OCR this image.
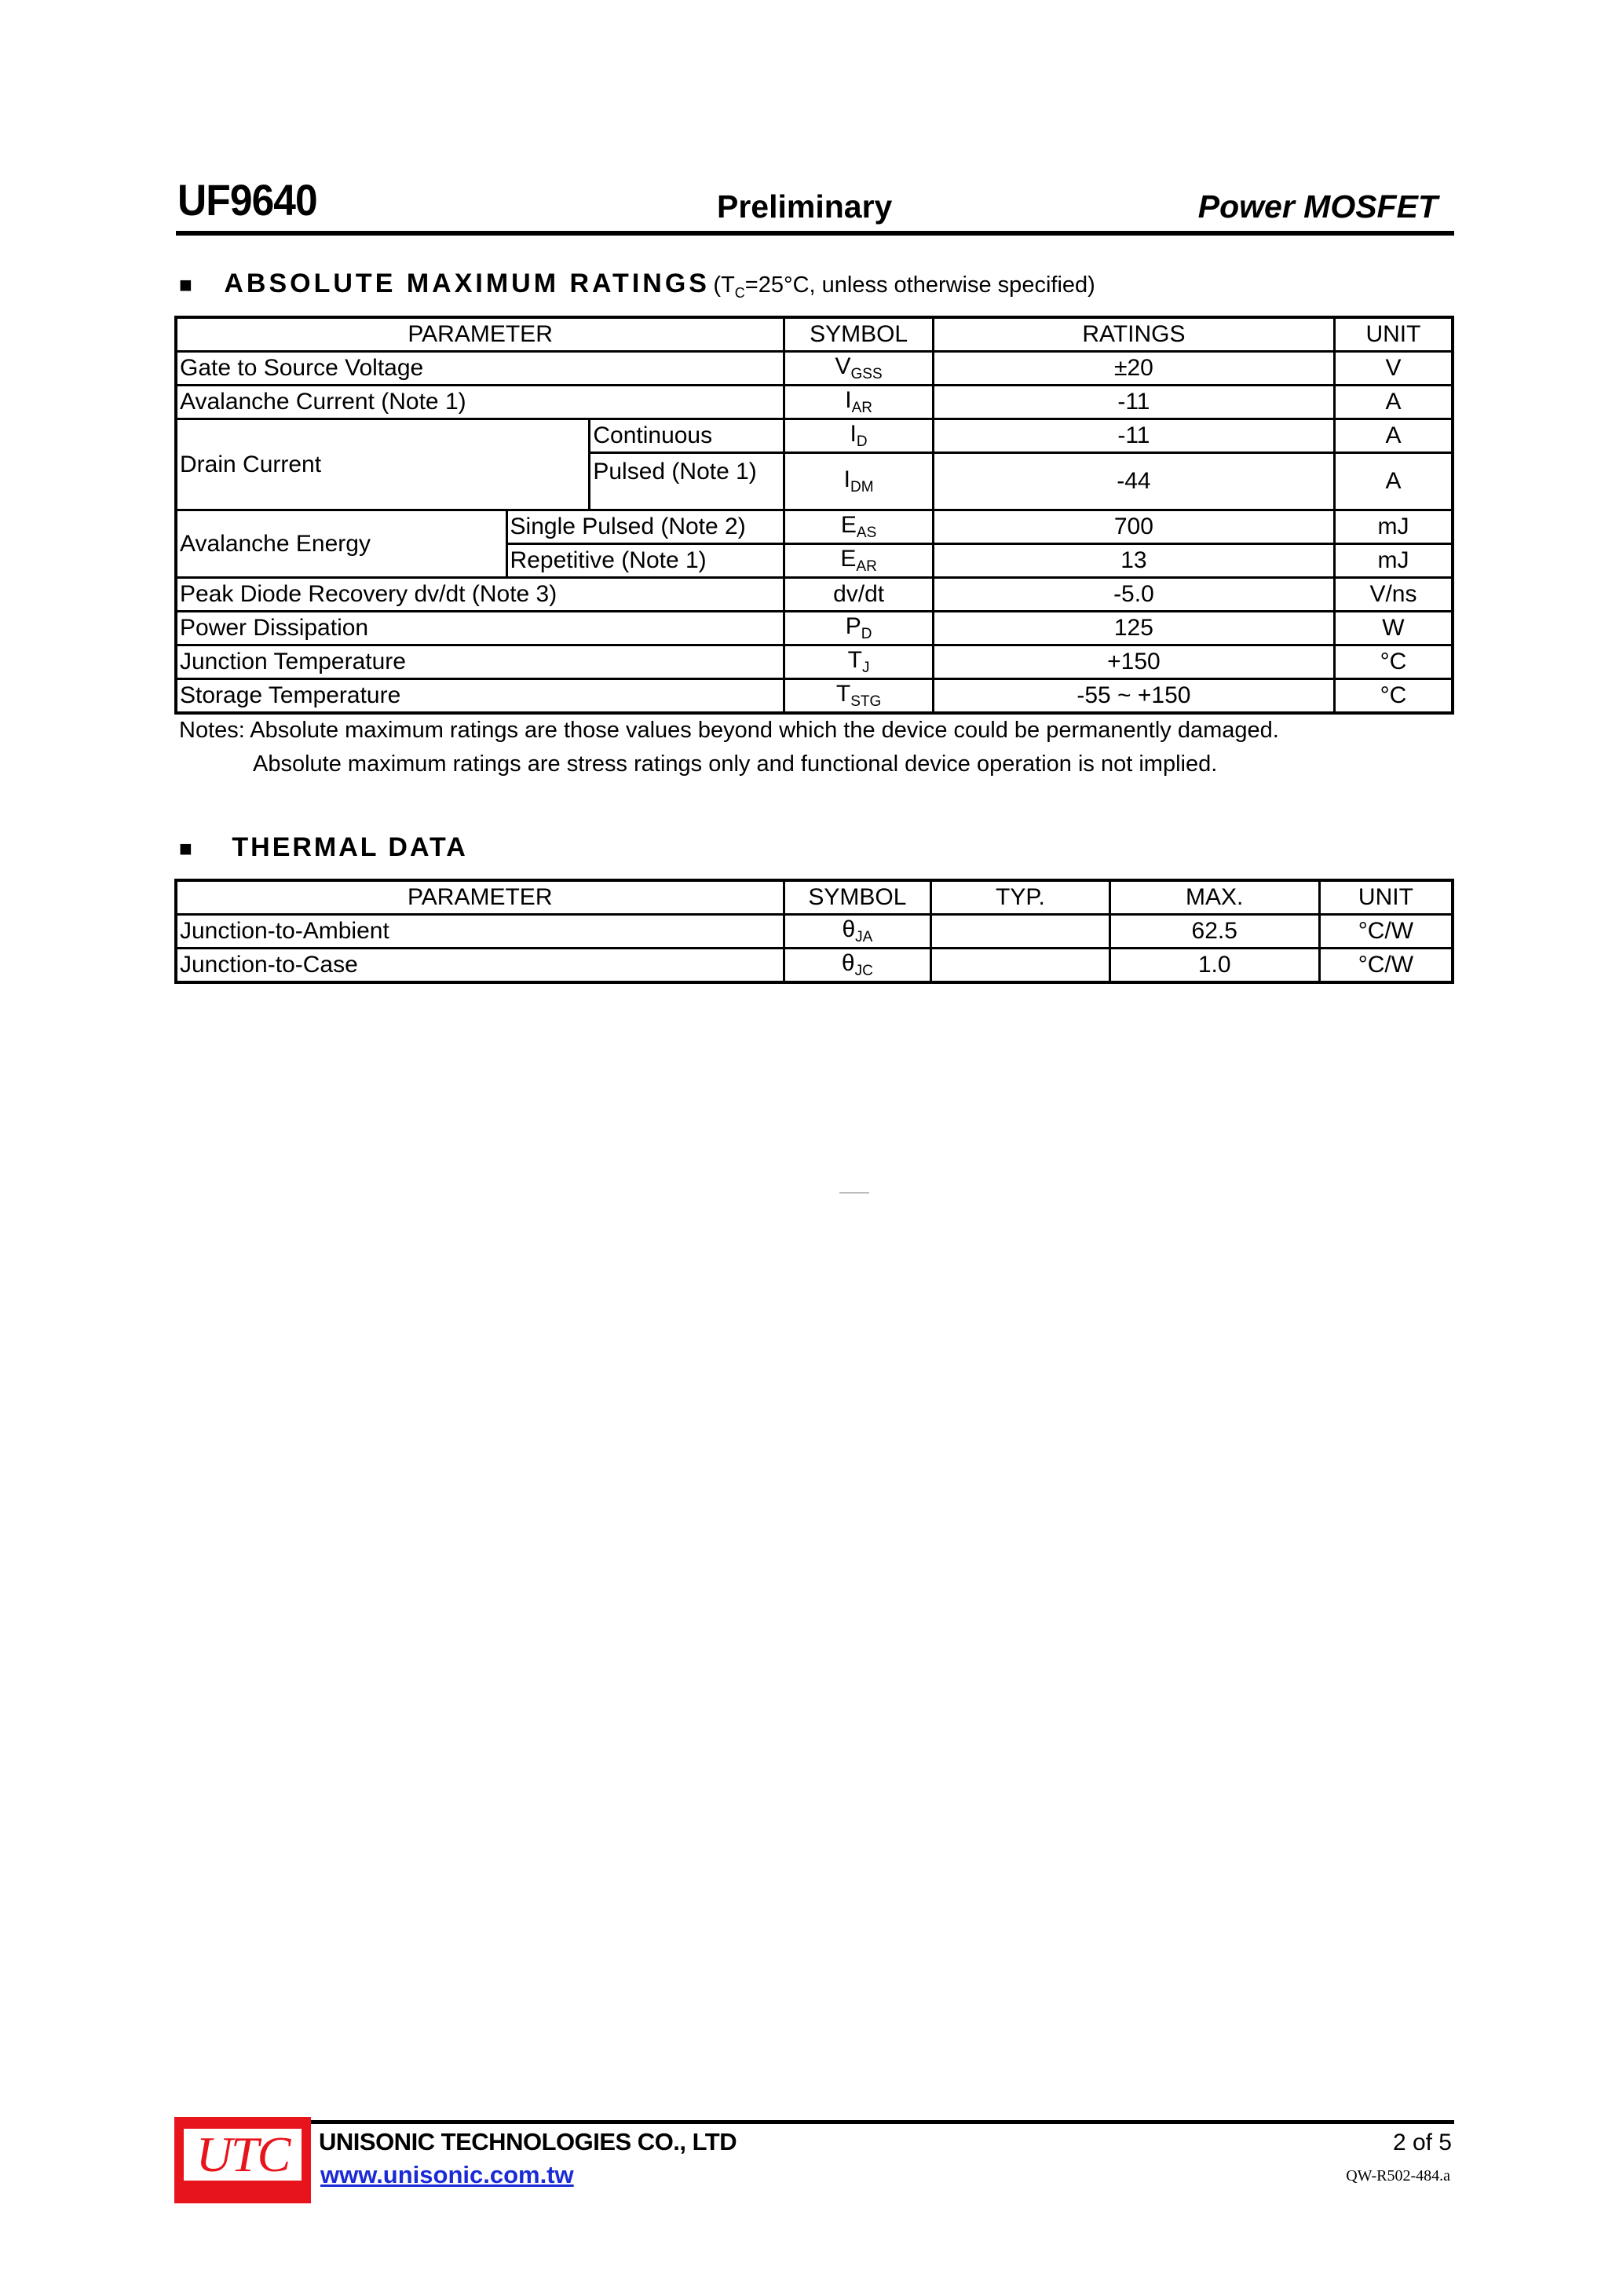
UF9640	Preliminary	Power MOSFET
■ ABSOLUTE MAXIMUM RATINGS ($T_C=25^\circ C$, unless otherwise specified)
PARAMETER			SYMBOL	RATINGS	UNIT
Gate to Source Voltage			$V_{GSS}$	±20	V
Avalanche Current (Note 1)			$I_{AR}$	-11	A
Drain Current		Continuous	$I_D$	-11	A
		Pulsed (Note 1)	$I_{DM}$	-44	A
Avalanche Energy	Single Pulsed (Note 2)		$E_{AS}$	700	mJ
	Repetitive (Note 1)		$E_{AR}$	13	mJ
Peak Diode Recovery dv/dt (Note 3)			dv/dt	-5.0	V/ns
Power Dissipation			$P_D$	125	W
Junction Temperature			$T_J$	+150	°C
Storage Temperature			$T_{STG}$	-55 ~ +150	°C
Notes: Absolute maximum ratings are those values beyond which the device could be permanently damaged.
Absolute maximum ratings are stress ratings only and functional device operation is not implied.
■ THERMAL DATA
PARAMETER	SYMBOL	TYP.	MAX.	UNIT
Junction-to-Ambient	$\theta_{JA}$		62.5	°C/W
Junction-to-Case	$\theta_{JC}$		1.0	°C/W
UTC	UNISONIC TECHNOLOGIES CO., LTD
www.unisonic.com.tw
2 of 5
QW-R502-484.a
